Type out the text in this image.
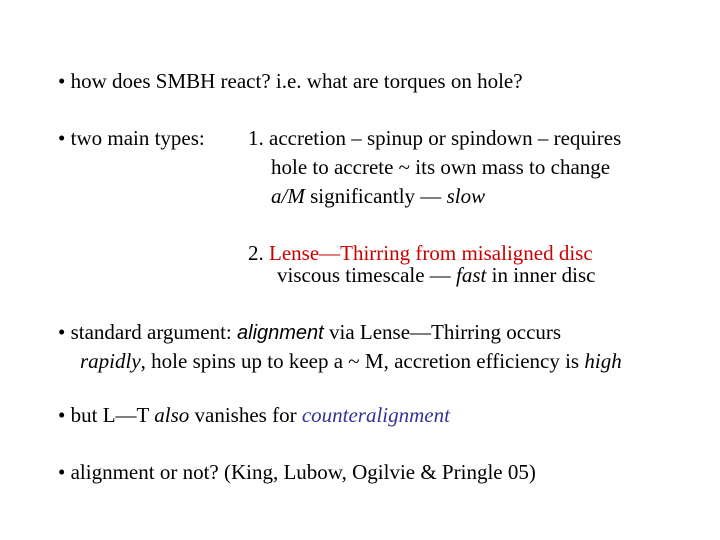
• how does SMBH react? i.e. what are torques on hole?
• two main types: 1. accretion – spinup or spindown – requires
hole to accrete ~ its own mass to change
a/M significantly — slow
2. Lense—Thirring from misaligned disc
viscous timescale — fast in inner disc
• standard argument: alignment via Lense—Thirring occurs
rapidly, hole spins up to keep a ~ M, accretion efficiency is high
• but L—T also vanishes for counteralignment
• alignment or not? (King, Lubow, Ogilvie & Pringle 05)
